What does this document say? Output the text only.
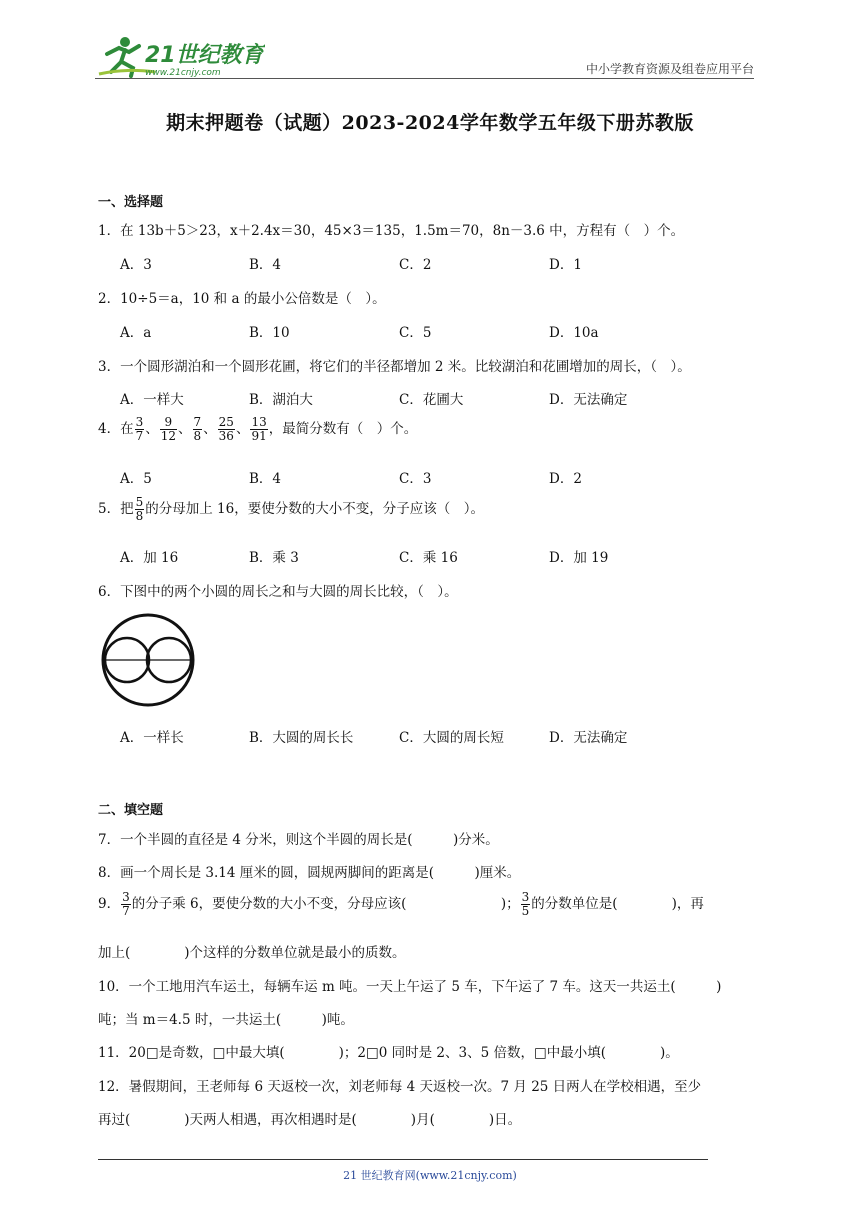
21世纪教育
www.21cnjy.com	中小学教育资源及组卷应用平台
期末押题卷（试题）2023-2024学年数学五年级下册苏教版
一、选择题
1．在 13b＋5＞23，x＋2.4x＝30，45×3＝135，1.5m＝70，8n－3.6 中，方程有（　）个。
A．3	B．4	C．2	D．1
2．10÷5＝a，10 和 a 的最小公倍数是（　）。
A．a	B．10	C．5	D．10a
3．一个圆形湖泊和一个圆形花圃，将它们的半径都增加 2 米。比较湖泊和花圃增加的周长，（　）。
A．一样大	B．湖泊大	C．花圃大	D．无法确定
4．在 $\frac{3}{7}$ 、 $\frac{9}{12}$ 、 $\frac{7}{8}$ 、 $\frac{25}{36}$ 、 $\frac{13}{91}$ ，最简分数有（　）个。
A．5	B．4	C．3	D．2
5．把 $\frac{5}{8}$ 的分母加上 16，要使分数的大小不变，分子应该（　）。
A．加 16	B．乘 3	C．乘 16	D．加 19
6．下图中的两个小圆的周长之和与大圆的周长比较，（　）。
A．一样长	B．大圆的周长长	C．大圆的周长短	D．无法确定
二、填空题
7．一个半圆的直径是 4 分米，则这个半圆的周长是(　　　)分米。
8．画一个周长是 3.14 厘米的圆，圆规两脚间的距离是(　　　)厘米。
9． $\frac{3}{7}$ 的分子乘 6，要使分数的大小不变，分母应该(　　　　　　　)； $\frac{3}{5}$ 的分数单位是(　　　　)，再
加上(　　　　)个这样的分数单位就是最小的质数。
10．一个工地用汽车运土，每辆车运 m 吨。一天上午运了 5 车，下午运了 7 车。这天一共运土(　　　)
吨；当 m＝4.5 时，一共运土(　　　)吨。
11．20□是奇数，□中最大填(　　　　)；2□0 同时是 2、3、5 倍数，□中最小填(　　　　)。
12．暑假期间，王老师每 6 天返校一次，刘老师每 4 天返校一次。7 月 25 日两人在学校相遇，至少
再过(　　　　)天两人相遇，再次相遇时是(　　　　)月(　　　　)日。
21 世纪教育网(www.21cnjy.com)
